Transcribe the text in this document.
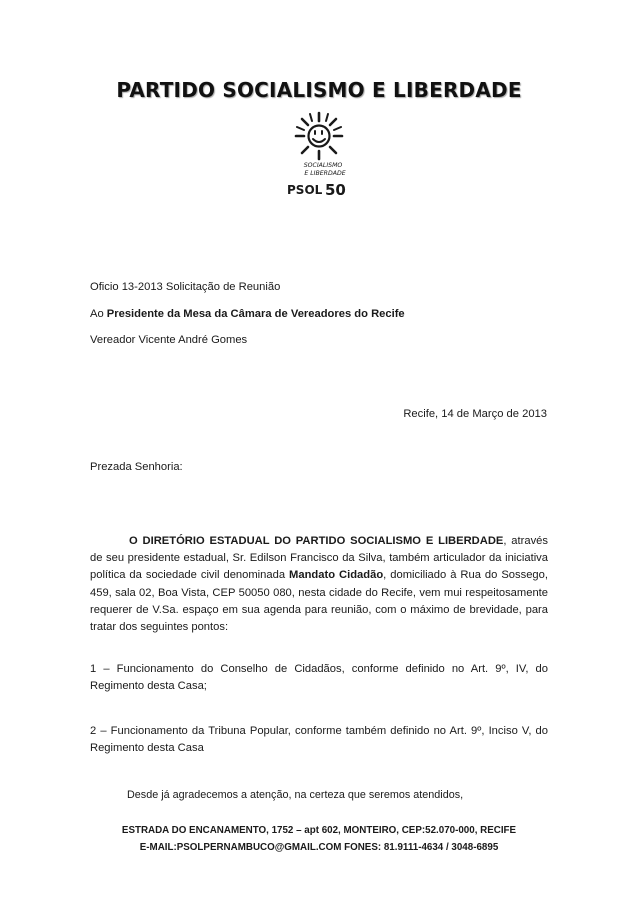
PARTIDO SOCIALISMO E LIBERDADE
SOCIALISMO
E LIBERDADE
PSOL 50
Oficio 13-2013 Solicitação de Reunião
Ao Presidente da Mesa da Câmara de Vereadores do Recife
Vereador Vicente André Gomes
Recife, 14 de Março de 2013
Prezada Senhoria:
O DIRETÓRIO ESTADUAL DO PARTIDO SOCIALISMO E LIBERDADE, através de seu presidente estadual, Sr. Edilson Francisco da Silva, também articulador da iniciativa política da sociedade civil denominada Mandato Cidadão, domiciliado à Rua do Sossego, 459, sala 02, Boa Vista, CEP 50050 080, nesta cidade do Recife, vem mui respeitosamente requerer de V.Sa. espaço em sua agenda para reunião, com o máximo de brevidade, para tratar dos seguintes pontos:
1 – Funcionamento do Conselho de Cidadãos, conforme definido no Art. 9º, IV, do Regimento desta Casa;
2 – Funcionamento da Tribuna Popular, conforme também definido no Art. 9º, Inciso V, do Regimento desta Casa
Desde já agradecemos a atenção, na certeza que seremos atendidos,
ESTRADA DO ENCANAMENTO, 1752 – apt 602, MONTEIRO, CEP:52.070-000, RECIFE
E-MAIL:PSOLPERNAMBUCO@GMAIL.COM FONES: 81.9111-4634 / 3048-6895
